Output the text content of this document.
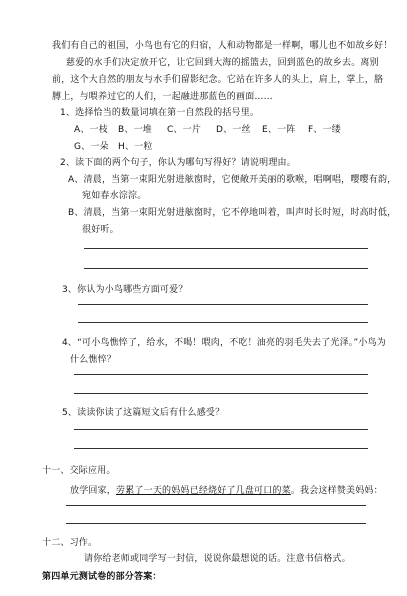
我们有自己的祖国，小鸟也有它的归宿，人和动物都是一样啊，哪儿也不如故乡好！
慈爱的水手们决定放开它，让它回到大海的摇篮去，回到蓝色的故乡去。离别
前，这个大自然的朋友与水手们留影纪念。它站在许多人的头上，肩上，掌上，胳
膊上，与喂养过它的人们，一起融进那蓝色的画面……
1、选择恰当的数量词填在第一自然段的括号里。
A、一枝 B、一堆 C、一片 D、一丝 E、一阵 F、一缕
G、一朵 H、一粒
2、读下面的两个句子，你认为哪句写得好？请说明理由。
A、清晨，当第一束阳光射进舷窗时，它便敞开美丽的歌喉，唱啊唱，嘤嘤有韵，
宛如春水淙淙。
B、清晨，当第一束阳光射进舷窗时，它不停地叫着，叫声时长时短，时高时低，
很好听。
3、你认为小鸟哪些方面可爱？
4、“可小鸟憔悴了，给水，不喝！喂肉，不吃！油亮的羽毛失去了光泽。”小鸟为
什么憔悴？
5、读读你读了这篇短文后有什么感受？
十一、交际应用。
放学回家，劳累了一天的妈妈已经烧好了几盘可口的菜。我会这样赞美妈妈：
十二、习作。
请你给老师或同学写一封信，说说你最想说的话。注意书信格式。
第四单元测试卷的部分答案：
